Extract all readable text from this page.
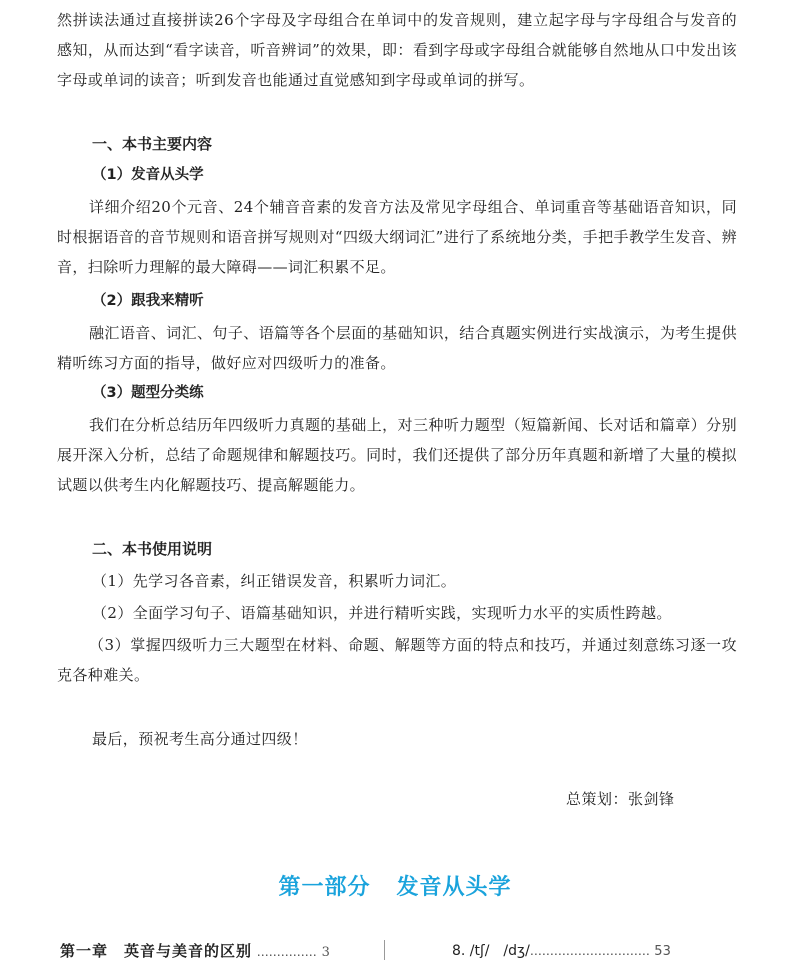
然拼读法通过直接拼读26个字母及字母组合在单词中的发音规则，建立起字母与字母组合与发音的感知，从而达到“看字读音，听音辨词”的效果，即：看到字母或字母组合就能够自然地从口中发出该字母或单词的读音；听到发音也能通过直觉感知到字母或单词的拼写。

一、本书主要内容
（1）发音从头学

详细介绍20个元音、24个辅音音素的发音方法及常见字母组合、单词重音等基础语音知识，同时根据语音的音节规则和语音拼写规则对“四级大纲词汇”进行了系统地分类，手把手教学生发音、辨音，扫除听力理解的最大障碍——词汇积累不足。

（2）跟我来精听

融汇语音、词汇、句子、语篇等各个层面的基础知识，结合真题实例进行实战演示，为考生提供精听练习方面的指导，做好应对四级听力的准备。

（3）题型分类练

我们在分析总结历年四级听力真题的基础上，对三种听力题型（短篇新闻、长对话和篇章）分别展开深入分析，总结了命题规律和解题技巧。同时，我们还提供了部分历年真题和新增了大量的模拟试题以供考生内化解题技巧、提高解题能力。

二、本书使用说明

（1）先学习各音素，纠正错误发音，积累听力词汇。

（2）全面学习句子、语篇基础知识，并进行精听实践，实现听力水平的实质性跨越。

（3）掌握四级听力三大题型在材料、命题、解题等方面的特点和技巧，并通过刻意练习逐一攻克各种难关。

最后，预祝考生高分通过四级！

总策划：张剑锋
第一部分 发音从头学
第一章　英音与美音的区别 …………… 3	8. /tʃ/　/dʒ/………………………… 53
